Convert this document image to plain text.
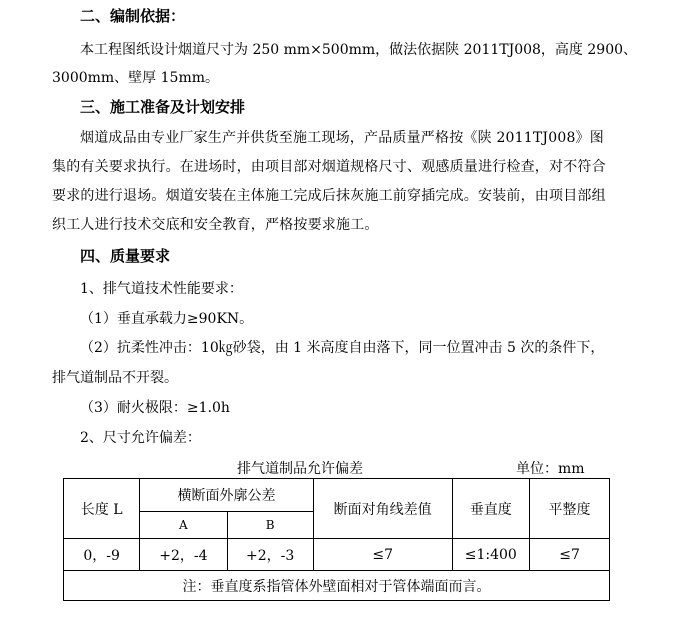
二、编制依据：
本工程图纸设计烟道尺寸为 250 mm×500mm，做法依据陕 2011TJ008，高度 2900、
3000mm、壁厚 15mm。
三、施工准备及计划安排
烟道成品由专业厂家生产并供货至施工现场，产品质量严格按《陕 2011TJ008》图集的有关要求执行。在进场时，由项目部对烟道规格尺寸、观感质量进行检查，对不符合要求的进行退场。烟道安装在主体施工完成后抹灰施工前穿插完成。安装前，由项目部组织工人进行技术交底和安全教育，严格按要求施工。
四、质量要求
1、排气道技术性能要求：
（1）垂直承载力≥90KN。
（2）抗柔性冲击：10㎏砂袋，由 1 米高度自由落下，同一位置冲击 5 次的条件下，
排气道制品不开裂。
（3）耐火极限：≥1.0h
2、尺寸允许偏差：
排气道制品允许偏差	单位：mm
长度 L	横断面外廓公差		断面对角线差值	垂直度	平整度
	A	B			
0，-9	+2，-4	+2，-3	≤7	≤1:400	≤7
注：垂直度系指管体外壁面相对于管体端面而言。					
